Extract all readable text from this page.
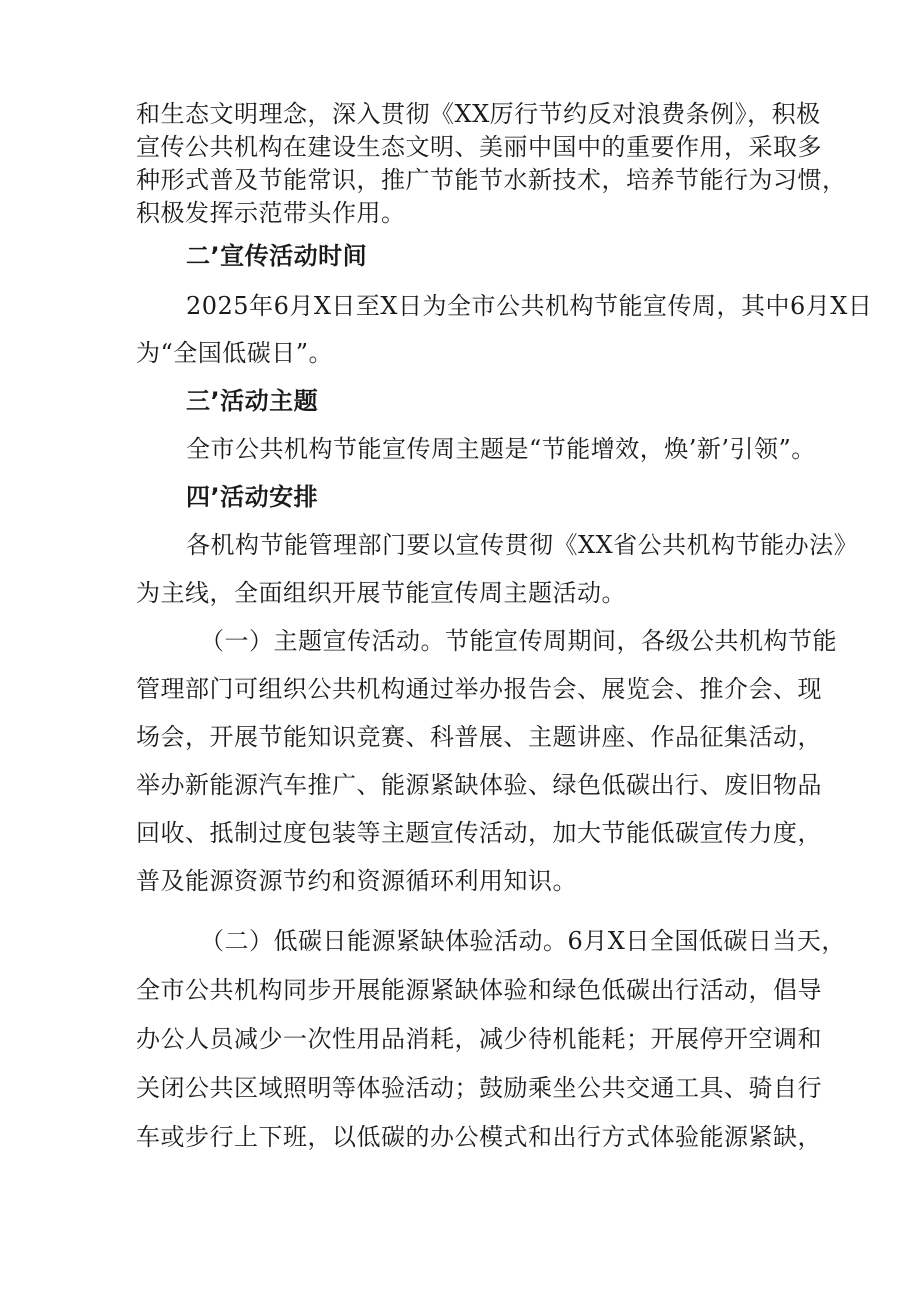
和生态文明理念，深入贯彻《XX厉行节约反对浪费条例》，积极
宣传公共机构在建设生态文明、美丽中国中的重要作用，采取多
种形式普及节能常识，推广节能节水新技术，培养节能行为习惯，
积极发挥示范带头作用。
二’宣传活动时间
2025年6月X日至X日为全市公共机构节能宣传周，其中6月X日
为“全国低碳日”。
三’活动主题
全市公共机构节能宣传周主题是“节能增效，焕’新’引领”。
四’活动安排
各机构节能管理部门要以宣传贯彻《XX省公共机构节能办法》
为主线，全面组织开展节能宣传周主题活动。
（一）主题宣传活动。节能宣传周期间，各级公共机构节能
管理部门可组织公共机构通过举办报告会、展览会、推介会、现
场会，开展节能知识竞赛、科普展、主题讲座、作品征集活动，
举办新能源汽车推广、能源紧缺体验、绿色低碳出行、废旧物品
回收、抵制过度包装等主题宣传活动，加大节能低碳宣传力度，
普及能源资源节约和资源循环利用知识。
（二）低碳日能源紧缺体验活动。6月X日全国低碳日当天，
全市公共机构同步开展能源紧缺体验和绿色低碳出行活动，倡导
办公人员减少一次性用品消耗，减少待机能耗；开展停开空调和
关闭公共区域照明等体验活动；鼓励乘坐公共交通工具、骑自行
车或步行上下班，以低碳的办公模式和出行方式体验能源紧缺，
